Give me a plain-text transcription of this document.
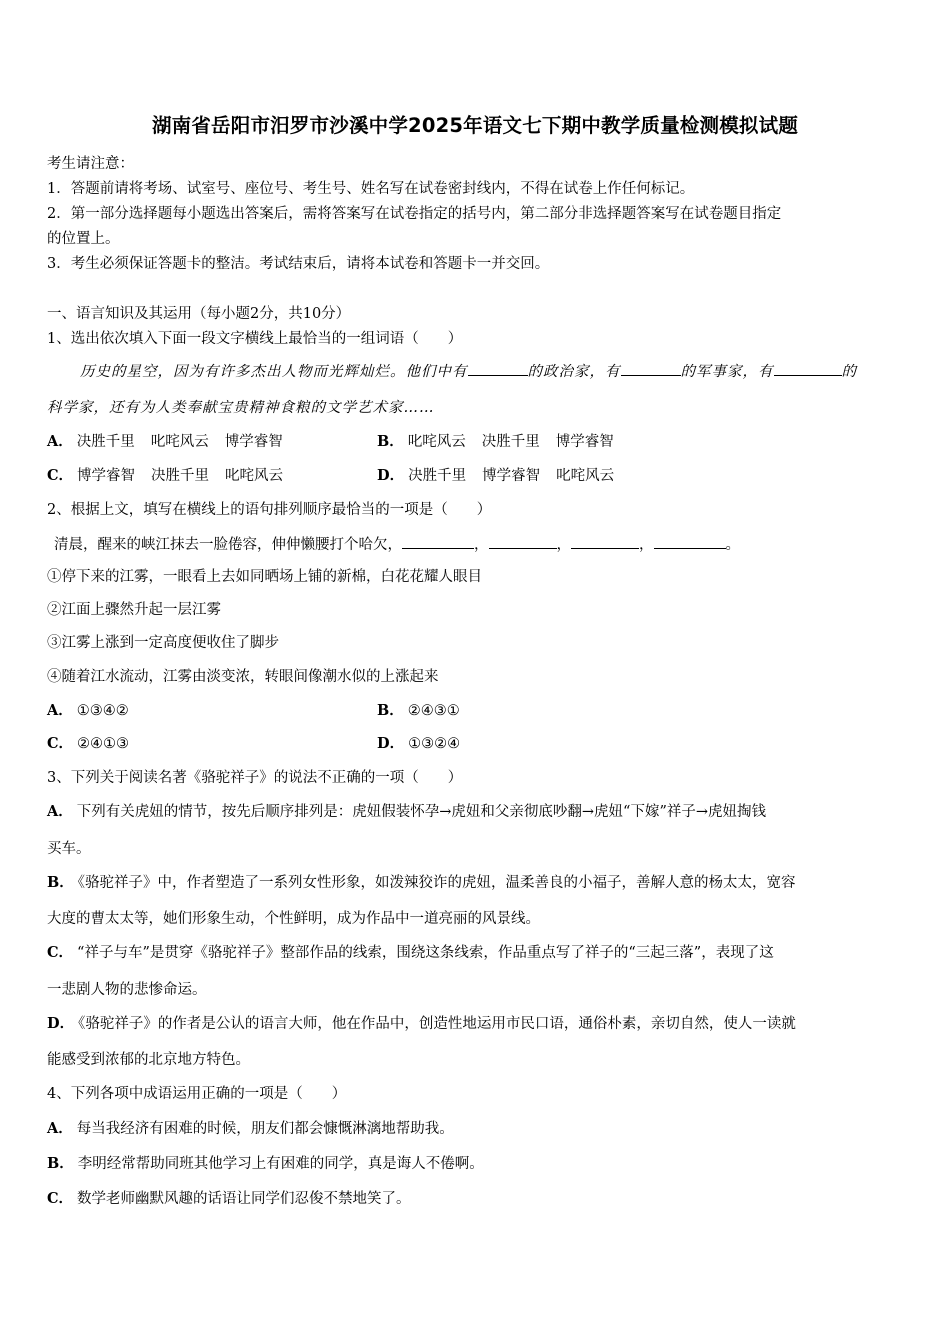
湖南省岳阳市汨罗市沙溪中学2025年语文七下期中教学质量检测模拟试题
考生请注意：
1．答题前请将考场、试室号、座位号、考生号、姓名写在试卷密封线内，不得在试卷上作任何标记。
2．第一部分选择题每小题选出答案后，需将答案写在试卷指定的括号内，第二部分非选择题答案写在试卷题目指定
的位置上。
3．考生必须保证答题卡的整洁。考试结束后，请将本试卷和答题卡一并交回。
一、语言知识及其运用（每小题2分，共10分）
1、选出依次填入下面一段文字横线上最恰当的一组词语（　　）
历史的星空，因为有许多杰出人物而光辉灿烂。他们中有	的政治家，有	的军事家，有	的
科学家，还有为人类奉献宝贵精神食粮的文学艺术家……
A． 决胜千里 叱咤风云 博学睿智	B． 叱咤风云 决胜千里 博学睿智
C． 博学睿智 决胜千里 叱咤风云	D． 决胜千里 博学睿智 叱咤风云
2、根据上文，填写在横线上的语句排列顺序最恰当的一项是（　　）
清晨，醒来的峡江抹去一脸倦容，伸伸懒腰打个哈欠，	，	，	，	。
①停下来的江雾，一眼看上去如同晒场上铺的新棉，白花花耀人眼目
②江面上骤然升起一层江雾
③江雾上涨到一定高度便收住了脚步
④随着江水流动，江雾由淡变浓，转眼间像潮水似的上涨起来
A． ①③④②	B． ②④③①
C． ②④①③	D． ①③②④
3、下列关于阅读名著《骆驼祥子》的说法不正确的一项（　　）
A． 下列有关虎妞的情节，按先后顺序排列是：虎妞假装怀孕→虎妞和父亲彻底吵翻→虎妞“下嫁”祥子→虎妞掏钱
买车。
B． 《骆驼祥子》中，作者塑造了一系列女性形象，如泼辣狡诈的虎妞，温柔善良的小福子，善解人意的杨太太，宽容
大度的曹太太等，她们形象生动，个性鲜明，成为作品中一道亮丽的风景线。
C． “祥子与车”是贯穿《骆驼祥子》整部作品的线索，围绕这条线索，作品重点写了祥子的“三起三落”，表现了这
一悲剧人物的悲惨命运。
D． 《骆驼祥子》的作者是公认的语言大师，他在作品中，创造性地运用市民口语，通俗朴素，亲切自然，使人一读就
能感受到浓郁的北京地方特色。
4、下列各项中成语运用正确的一项是（　　）
A． 每当我经济有困难的时候，朋友们都会慷慨淋漓地帮助我。
B． 李明经常帮助同班其他学习上有困难的同学，真是诲人不倦啊。
C． 数学老师幽默风趣的话语让同学们忍俊不禁地笑了。
